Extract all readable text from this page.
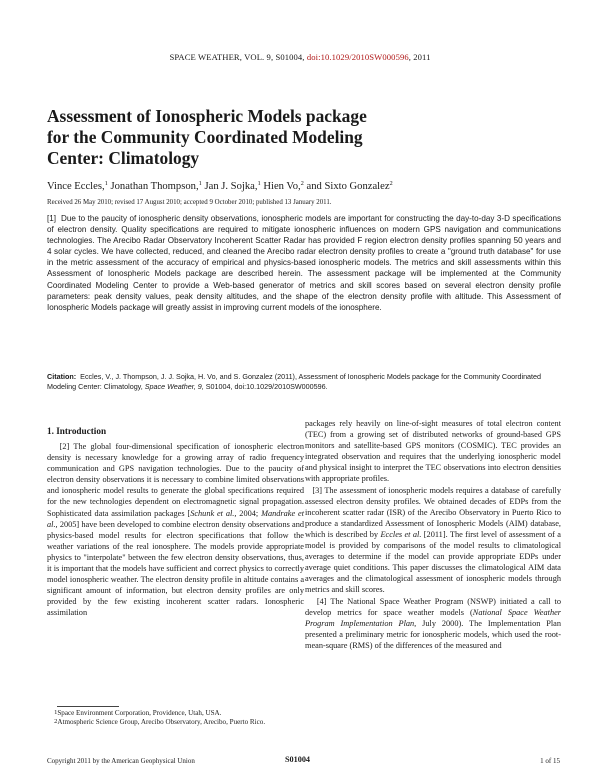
SPACE WEATHER, VOL. 9, S01004, doi:10.1029/2010SW000596, 2011
Assessment of Ionospheric Models package
for the Community Coordinated Modeling
Center: Climatology
Vince Eccles,$^1$ Jonathan Thompson,$^1$ Jan J. Sojka,$^1$ Hien Vo,$^2$ and Sixto Gonzalez$^2$
Received 26 May 2010; revised 17 August 2010; accepted 9 October 2010; published 13 January 2011.
[1] Due to the paucity of ionospheric density observations, ionospheric models are important for constructing the day-to-day 3-D specifications of electron density. Quality specifications are required to mitigate ionospheric influences on modern GPS navigation and communications technologies. The Arecibo Radar Observatory Incoherent Scatter Radar has provided F region electron density profiles spanning 50 years and 4 solar cycles. We have collected, reduced, and cleaned the Arecibo radar electron density profiles to create a "ground truth database" for use in the metric assessment of the accuracy of empirical and physics-based ionospheric models. The metrics and skill assessments within this Assessment of Ionospheric Models package are described herein. The assessment package will be implemented at the Community Coordinated Modeling Center to provide a Web-based generator of metrics and skill scores based on several electron density profile parameters: peak density values, peak density altitudes, and the shape of the electron density profile with altitude. This Assessment of Ionospheric Models package will greatly assist in improving current models of the ionosphere.
Citation: Eccles, V., J. Thompson, J. J. Sojka, H. Vo, and S. Gonzalez (2011), Assessment of Ionospheric Models package for the Community Coordinated Modeling Center: Climatology, Space Weather, 9, S01004, doi:10.1029/2010SW000596.
1. Introduction

[2] The global four-dimensional specification of ionospheric electron density is necessary knowledge for a growing array of radio frequency communication and GPS navigation technologies. Due to the paucity of electron density observations it is necessary to combine limited observations and ionospheric model results to generate the global specifications required for the new technologies dependent on electromagnetic signal propagation. Sophisticated data assimilation packages [Schunk et al., 2004; Mandrake et al., 2005] have been developed to combine electron density observations and physics-based model results for electron specifications that follow the weather variations of the real ionosphere. The models provide appropriate physics to "interpolate" between the few electron density observations, thus, it is important that the models have sufficient and correct physics to correctly model ionospheric weather. The electron density profile in altitude contains a significant amount of information, but electron density profiles are only provided by the few existing incoherent scatter radars. Ionospheric assimilation

packages rely heavily on line-of-sight measures of total electron content (TEC) from a growing set of distributed networks of ground-based GPS monitors and satellite-based GPS monitors (COSMIC). TEC provides an integrated observation and requires that the underlying ionospheric model and physical insight to interpret the TEC observations into electron densities with appropriate profiles.

[3] The assessment of ionospheric models requires a database of carefully assessed electron density profiles. We obtained decades of EDPs from the incoherent scatter radar (ISR) of the Arecibo Observatory in Puerto Rico to produce a standardized Assessment of Ionospheric Models (AIM) database, which is described by Eccles et al. [2011]. The first level of assessment of a model is provided by comparisons of the model results to climatological averages to determine if the model can provide appropriate EDPs under average quiet conditions. This paper discusses the climatological AIM data averages and the climatological assessment of ionospheric models through metrics and skill scores.

[4] The National Space Weather Program (NSWP) initiated a call to develop metrics for space weather models (National Space Weather Program Implementation Plan, July 2000). The Implementation Plan presented a preliminary metric for ionospheric models, which used the root-mean-square (RMS) of the differences of the measured and

$^1$Space Environment Corporation, Providence, Utah, USA.
$^2$Atmospheric Science Group, Arecibo Observatory, Arecibo, Puerto Rico.
Copyright 2011 by the American Geophysical Union	S01004	1 of 15
